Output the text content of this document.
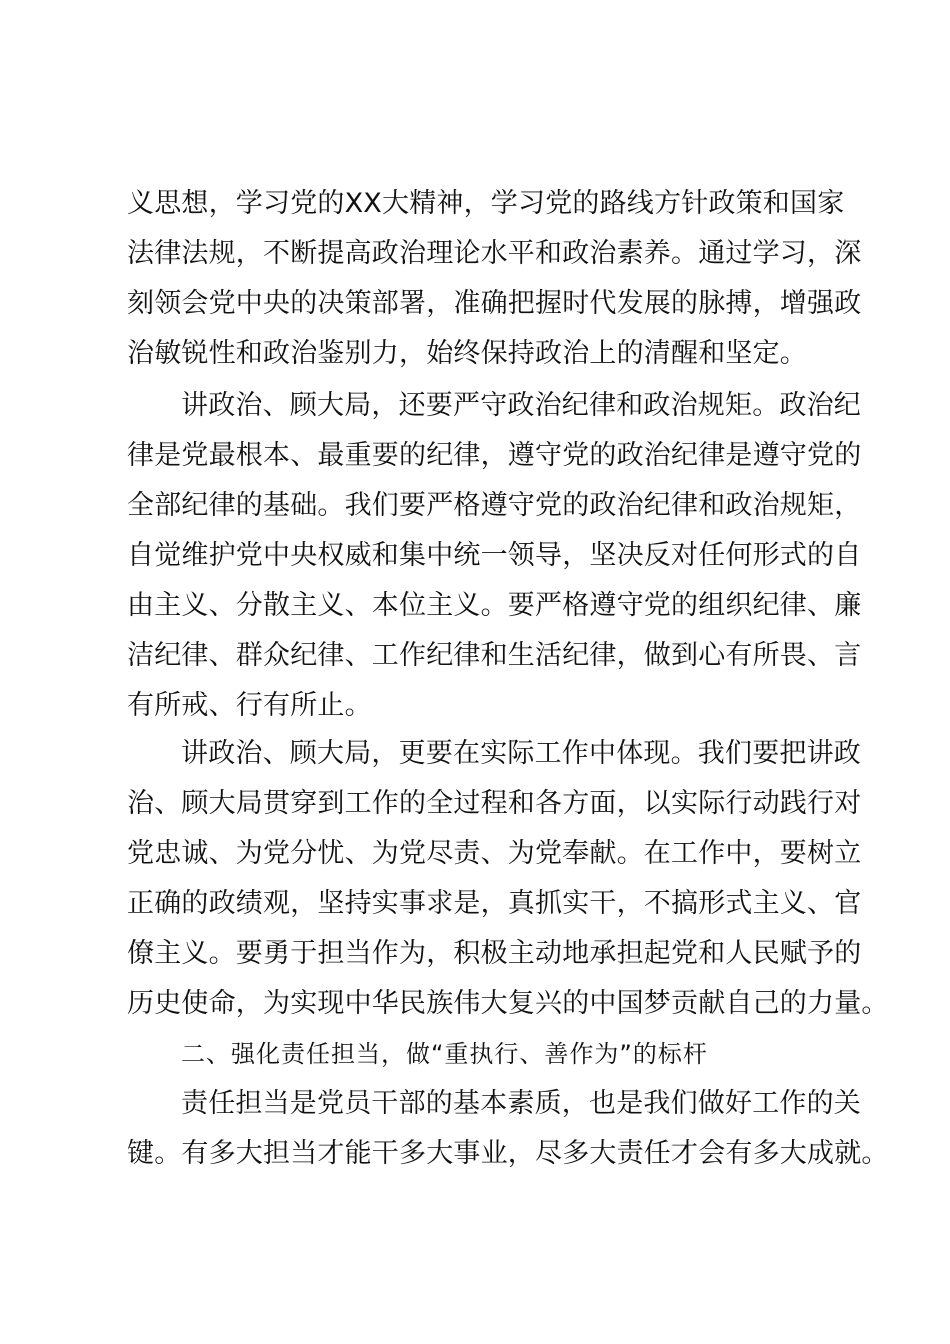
义思想，学习党的XX大精神，学习党的路线方针政策和国家
法律法规，不断提高政治理论水平和政治素养。通过学习，深
刻领会党中央的决策部署，准确把握时代发展的脉搏，增强政
治敏锐性和政治鉴别力，始终保持政治上的清醒和坚定。
讲政治、顾大局，还要严守政治纪律和政治规矩。政治纪
律是党最根本、最重要的纪律，遵守党的政治纪律是遵守党的
全部纪律的基础。我们要严格遵守党的政治纪律和政治规矩，
自觉维护党中央权威和集中统一领导，坚决反对任何形式的自
由主义、分散主义、本位主义。要严格遵守党的组织纪律、廉
洁纪律、群众纪律、工作纪律和生活纪律，做到心有所畏、言
有所戒、行有所止。
讲政治、顾大局，更要在实际工作中体现。我们要把讲政
治、顾大局贯穿到工作的全过程和各方面，以实际行动践行对
党忠诚、为党分忧、为党尽责、为党奉献。在工作中，要树立
正确的政绩观，坚持实事求是，真抓实干，不搞形式主义、官
僚主义。要勇于担当作为，积极主动地承担起党和人民赋予的
历史使命，为实现中华民族伟大复兴的中国梦贡献自己的力量。
二、强化责任担当，做“重执行、善作为”的标杆
责任担当是党员干部的基本素质，也是我们做好工作的关
键。有多大担当才能干多大事业，尽多大责任才会有多大成就。
